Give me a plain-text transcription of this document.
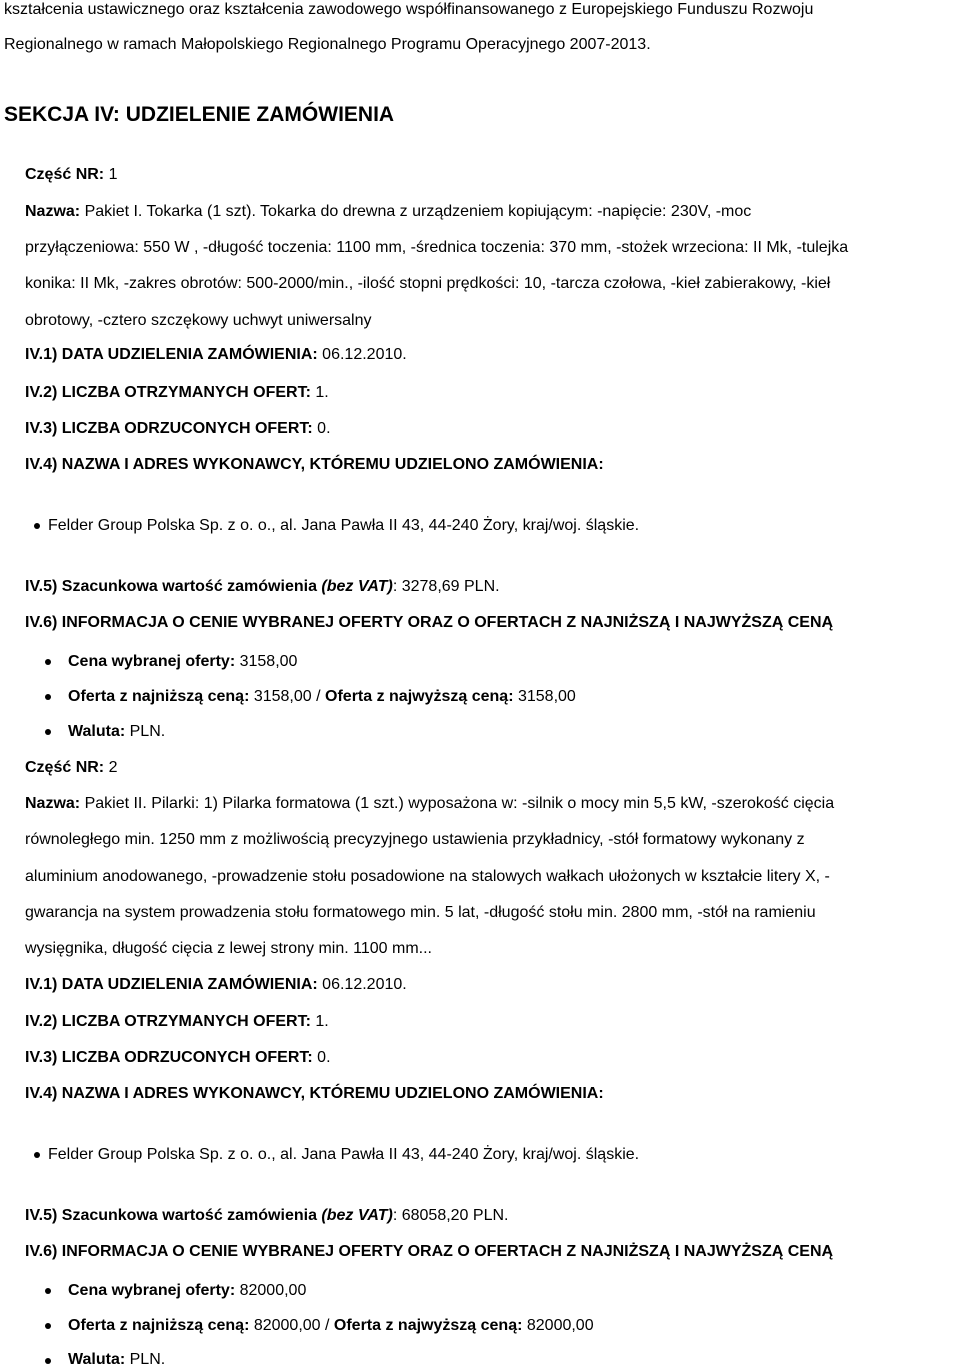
kształcenia ustawicznego oraz kształcenia zawodowego współfinansowanego z Europejskiego Funduszu Rozwoju
Regionalnego w ramach Małopolskiego Regionalnego Programu Operacyjnego 2007-2013.
SEKCJA IV: UDZIELENIE ZAMÓWIENIA
Część NR: 1
Nazwa: Pakiet I. Tokarka (1 szt). Tokarka do drewna z urządzeniem kopiującym: -napięcie: 230V, -moc
przyłączeniowa: 550 W , -długość toczenia: 1100 mm, -średnica toczenia: 370 mm, -stożek wrzeciona: II Mk, -tulejka
konika: II Mk, -zakres obrotów: 500-2000/min., -ilość stopni prędkości: 10, -tarcza czołowa, -kieł zabierakowy, -kieł
obrotowy, -cztero szczękowy uchwyt uniwersalny
IV.1) DATA UDZIELENIA ZAMÓWIENIA: 06.12.2010.
IV.2) LICZBA OTRZYMANYCH OFERT: 1.
IV.3) LICZBA ODRZUCONYCH OFERT: 0.
IV.4) NAZWA I ADRES WYKONAWCY, KTÓREMU UDZIELONO ZAMÓWIENIA:
Felder Group Polska Sp. z o. o., al. Jana Pawła II 43, 44-240 Żory, kraj/woj. śląskie.
IV.5) Szacunkowa wartość zamówienia (bez VAT): 3278,69 PLN.
IV.6) INFORMACJA O CENIE WYBRANEJ OFERTY ORAZ O OFERTACH Z NAJNIŻSZĄ I NAJWYŻSZĄ CENĄ
Cena wybranej oferty: 3158,00
Oferta z najniższą ceną: 3158,00 / Oferta z najwyższą ceną: 3158,00
Waluta: PLN.
Część NR: 2
Nazwa: Pakiet II. Pilarki: 1) Pilarka formatowa (1 szt.) wyposażona w: -silnik o mocy min 5,5 kW, -szerokość cięcia
równoległego min. 1250 mm z możliwością precyzyjnego ustawienia przykładnicy, -stół formatowy wykonany z
aluminium anodowanego, -prowadzenie stołu posadowione na stalowych wałkach ułożonych w kształcie litery X, -
gwarancja na system prowadzenia stołu formatowego min. 5 lat, -długość stołu min. 2800 mm, -stół na ramieniu
wysięgnika, długość cięcia z lewej strony min. 1100 mm...
IV.1) DATA UDZIELENIA ZAMÓWIENIA: 06.12.2010.
IV.2) LICZBA OTRZYMANYCH OFERT: 1.
IV.3) LICZBA ODRZUCONYCH OFERT: 0.
IV.4) NAZWA I ADRES WYKONAWCY, KTÓREMU UDZIELONO ZAMÓWIENIA:
Felder Group Polska Sp. z o. o., al. Jana Pawła II 43, 44-240 Żory, kraj/woj. śląskie.
IV.5) Szacunkowa wartość zamówienia (bez VAT): 68058,20 PLN.
IV.6) INFORMACJA O CENIE WYBRANEJ OFERTY ORAZ O OFERTACH Z NAJNIŻSZĄ I NAJWYŻSZĄ CENĄ
Cena wybranej oferty: 82000,00
Oferta z najniższą ceną: 82000,00 / Oferta z najwyższą ceną: 82000,00
Waluta: PLN.
